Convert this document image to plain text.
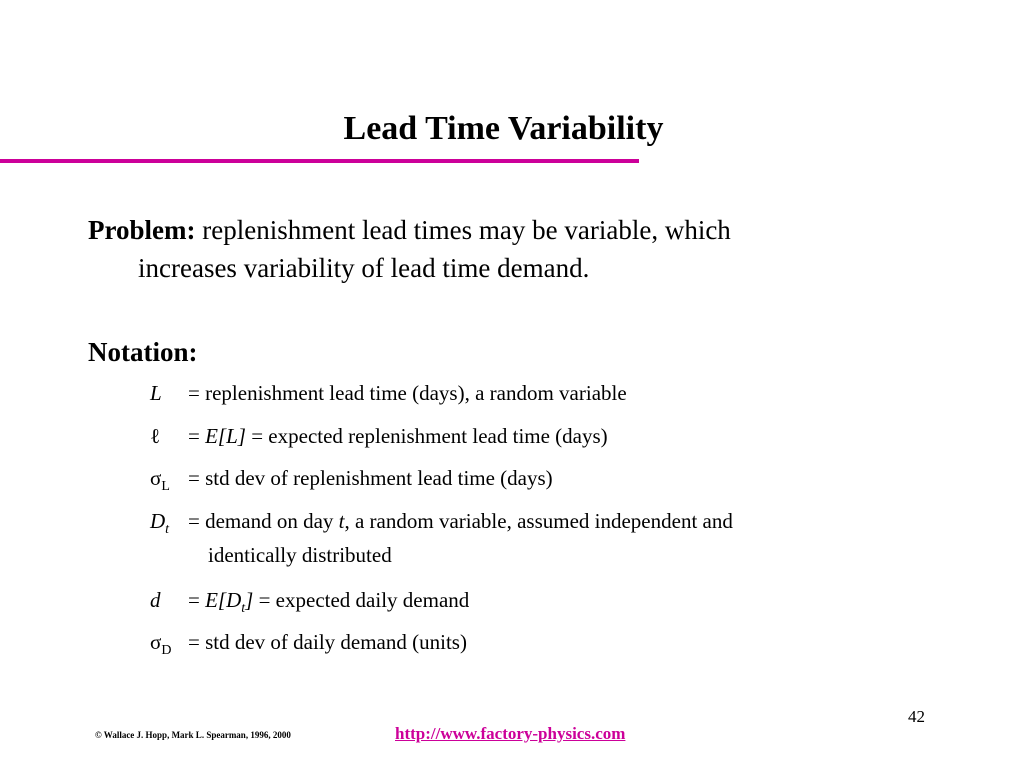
Lead Time Variability
Problem: replenishment lead times may be variable, which
increases variability of lead time demand.
Notation:
L	= replenishment lead time (days), a random variable
ℓ	= E[L] = expected replenishment lead time (days)
$\sigma_L$ = std dev of replenishment lead time (days)
$D_t$ = demand on day t, a random variable, assumed independent and
identically distributed
d	= $E[D_t]$ = expected daily demand
$\sigma_D$ = std dev of daily demand (units)
42
© Wallace J. Hopp, Mark L. Spearman, 1996, 2000	http://www.factory-physics.com
